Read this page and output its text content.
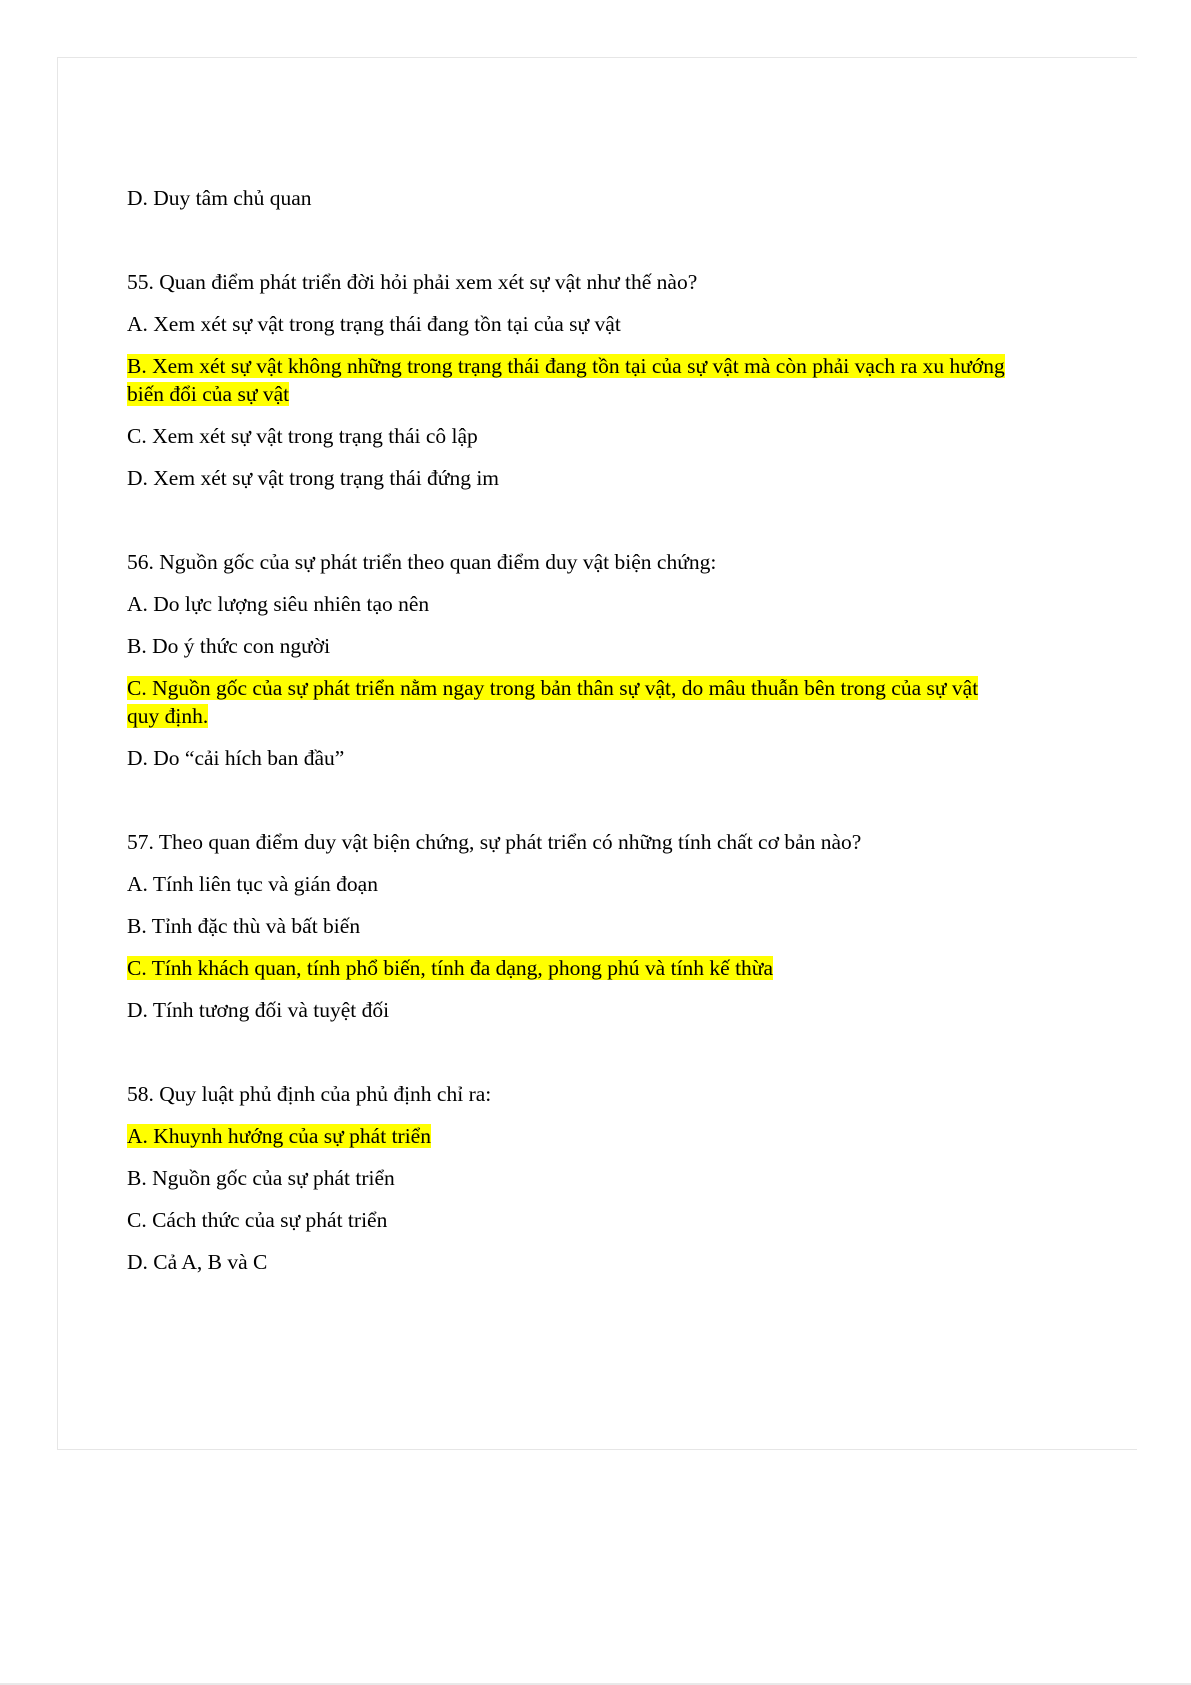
D. Duy tâm chủ quan

55. Quan điểm phát triển đời hỏi phải xem xét sự vật như thế nào?

A. Xem xét sự vật trong trạng thái đang tồn tại của sự vật

B. Xem xét sự vật không những trong trạng thái đang tồn tại của sự vật mà còn phải vạch ra xu hướng biến đổi của sự vật

C. Xem xét sự vật trong trạng thái cô lập

D. Xem xét sự vật trong trạng thái đứng im

56. Nguồn gốc của sự phát triển theo quan điểm duy vật biện chứng:

A. Do lực lượng siêu nhiên tạo nên

B. Do ý thức con người

C. Nguồn gốc của sự phát triển nằm ngay trong bản thân sự vật, do mâu thuẫn bên trong của sự vật quy định.

D. Do “cải hích ban đầu”

57. Theo quan điểm duy vật biện chứng, sự phát triển có những tính chất cơ bản nào?

A. Tính liên tục và gián đoạn

B. Tỉnh đặc thù và bất biến

C. Tính khách quan, tính phổ biến, tính đa dạng, phong phú và tính kế thừa

D. Tính tương đối và tuyệt đối

58. Quy luật phủ định của phủ định chỉ ra:

A. Khuynh hướng của sự phát triển

B. Nguồn gốc của sự phát triển

C. Cách thức của sự phát triển

D. Cả A, B và C
